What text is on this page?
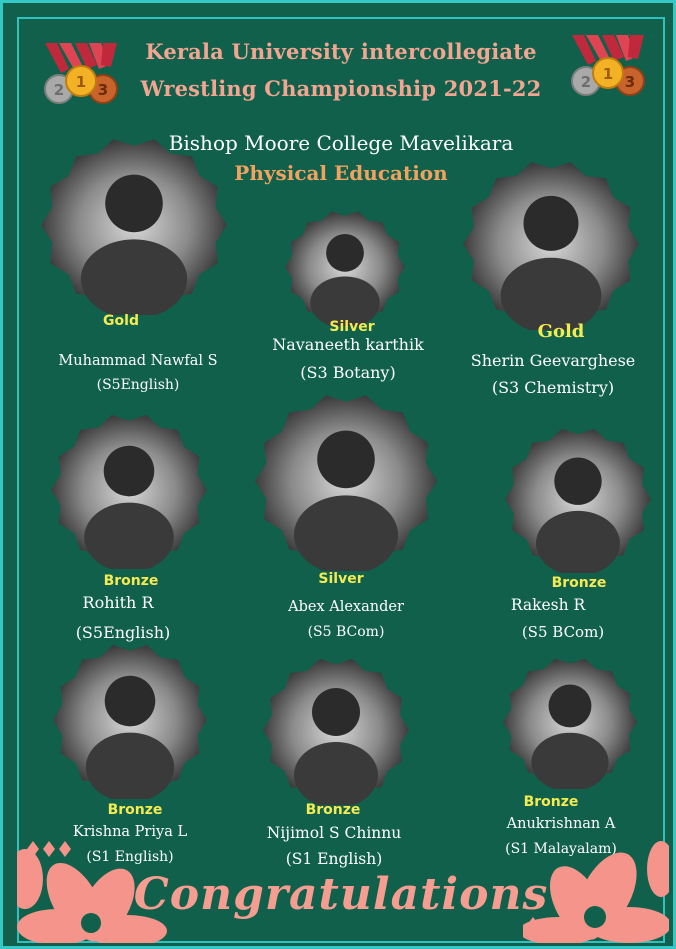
2 1 3	2 1 3
Kerala University intercollegiate
Wrestling Championship 2021-22
Bishop Moore College Mavelikara
Physical Education
Gold
Muhammad Nawfal S
(S5English)
Silver
Navaneeth karthik
(S3 Botany)
Gold
Sherin Geevarghese
(S3 Chemistry)
Bronze
Rohith R
(S5English)
Silver
Abex Alexander
(S5 BCom)
Bronze
Rakesh R
(S5 BCom)
Bronze
Krishna Priya L
(S1 English)
Bronze
Nijimol S Chinnu
(S1 English)
Bronze
Anukrishnan A
(S1 Malayalam)
Congratulations
